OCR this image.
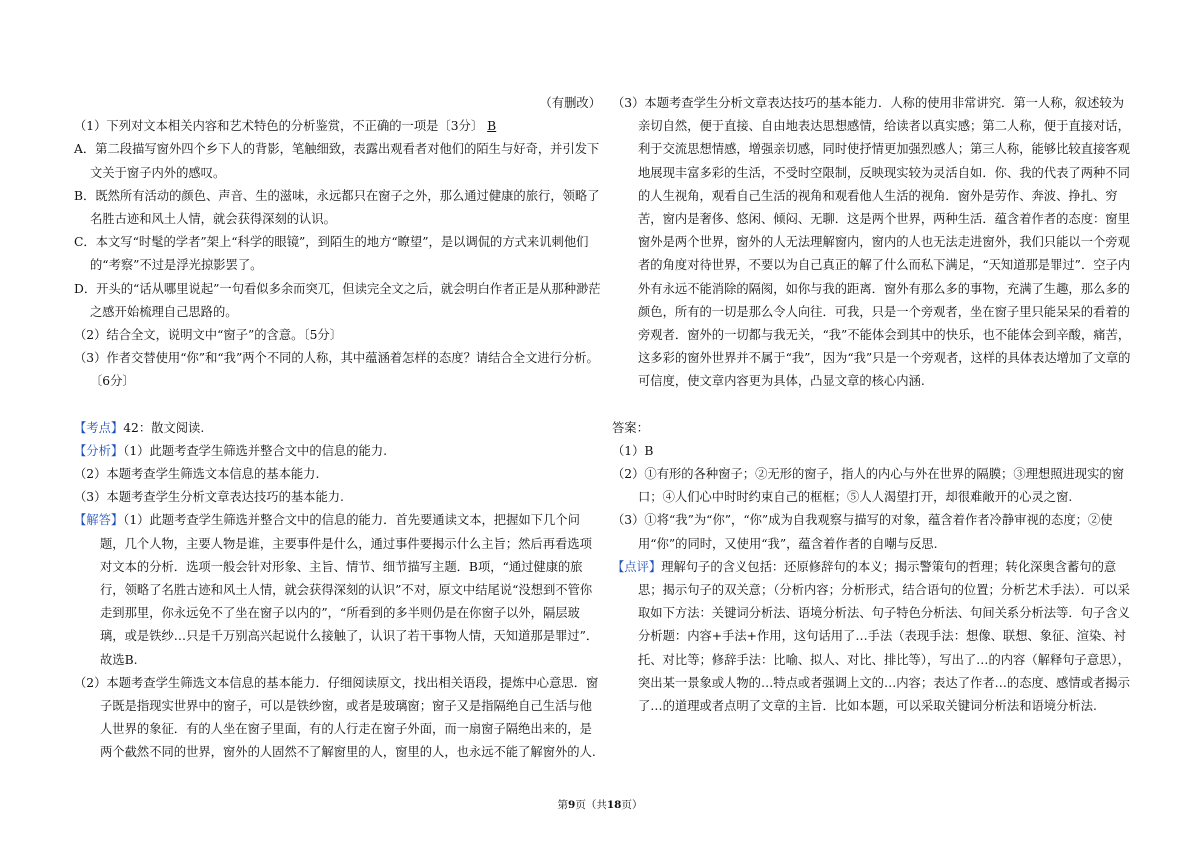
（有删改）

（1）下列对文本相关内容和艺术特色的分析鉴赏，不正确的一项是〔3分〕 B

A．第二段描写窗外四个乡下人的背影，笔触细致，表露出观看者对他们的陌生与好奇，并引发下文关于窗子内外的感叹。

B．既然所有活动的颜色、声音、生的滋味，永远都只在窗子之外，那么通过健康的旅行，领略了名胜古迹和风土人情，就会获得深刻的认识。

C．本文写“时髦的学者”架上“科学的眼镜”，到陌生的地方“瞭望”，是以调侃的方式来讥刺他们的“考察”不过是浮光掠影罢了。

D．开头的“话从哪里说起”一句看似多余而突兀，但读完全文之后，就会明白作者正是从那种渺茫之感开始梳理自己思路的。

（2）结合全文，说明文中“窗子”的含意。〔5分〕

（3）作者交替使用“你”和“我”两个不同的人称，其中蕴涵着怎样的态度？请结合全文进行分析。〔6分〕

【考点】42：散文阅读.

【分析】（1）此题考查学生筛选并整合文中的信息的能力.

（2）本题考查学生筛选文本信息的基本能力.

（3）本题考查学生分析文章表达技巧的基本能力.

【解答】（1）此题考查学生筛选并整合文中的信息的能力．首先要通读文本，把握如下几个问题，几个人物，主要人物是谁，主要事件是什么，通过事件要揭示什么主旨；然后再看选项对文本的分析．选项一般会针对形象、主旨、情节、细节描写主题．B项，“通过健康的旅行，领略了名胜古迹和风土人情，就会获得深刻的认识”不对，原文中结尾说“没想到不管你走到那里，你永远免不了坐在窗子以内的”，“所看到的多半则仍是在你窗子以外，隔层玻璃，或是铁纱…只是千万别高兴起说什么接触了，认识了若干事物人情，天知道那是罪过”．故选B.

（2）本题考查学生筛选文本信息的基本能力．仔细阅读原文，找出相关语段，提炼中心意思．窗子既是指现实世界中的窗子，可以是铁纱窗，或者是玻璃窗；窗子又是指隔绝自己生活与他人世界的象征．有的人坐在窗子里面，有的人行走在窗子外面，而一扇窗子隔绝出来的，是两个截然不同的世界，窗外的人固然不了解窗里的人，窗里的人，也永远不能了解窗外的人.

（3）本题考查学生分析文章表达技巧的基本能力．人称的使用非常讲究．第一人称，叙述较为亲切自然，便于直接、自由地表达思想感情，给读者以真实感；第二人称，便于直接对话，利于交流思想情感，增强亲切感，同时使抒情更加强烈感人；第三人称，能够比较直接客观地展现丰富多彩的生活，不受时空限制，反映现实较为灵活自如．你、我的代表了两种不同的人生视角，观看自己生活的视角和观看他人生活的视角．窗外是劳作、奔波、挣扎、穷苦，窗内是奢侈、悠闲、倾闷、无聊．这是两个世界，两种生活．蕴含着作者的态度：窗里窗外是两个世界，窗外的人无法理解窗内，窗内的人也无法走进窗外，我们只能以一个旁观者的角度对待世界，不要以为自己真正的解了什么而私下满足，“天知道那是罪过”．空子内外有永远不能消除的隔阂，如你与我的距离．窗外有那么多的事物，充满了生趣，那么多的颜色，所有的一切是那么令人向往．可我，只是一个旁观者，坐在窗子里只能呆呆的看着的旁观者．窗外的一切都与我无关，“我”不能体会到其中的快乐，也不能体会到辛酸，痛苦，这多彩的窗外世界并不属于“我”，因为“我”只是一个旁观者，这样的具体表达增加了文章的可信度，使文章内容更为具体，凸显文章的核心内涵.

答案：

（1）B

（2）①有形的各种窗子；②无形的窗子，指人的内心与外在世界的隔膜；③理想照进现实的窗口；④人们心中时时约束自己的框框；⑤人人渴望打开，却很难敞开的心灵之窗.

（3）①将“我”为“你”，“你”成为自我观察与描写的对象，蕴含着作者冷静审视的态度；②使用“你”的同时，又使用“我”，蕴含着作者的自嘲与反思.

【点评】理解句子的含义包括：还原修辞句的本义；揭示警策句的哲理；转化深奥含蓄句的意思；揭示句子的双关意；（分析内容；分析形式，结合语句的位置；分析艺术手法）．可以采取如下方法：关键词分析法、语境分析法、句子特色分析法、句间关系分析法等．句子含义分析题：内容+手法+作用，这句话用了…手法（表现手法：想像、联想、象征、渲染、衬托、对比等；修辞手法：比喻、拟人、对比、排比等），写出了…的内容（解释句子意思），突出某一景象或人物的…特点或者强调上文的…内容；表达了作者…的态度、感情或者揭示了…的道理或者点明了文章的主旨．比如本题，可以采取关键词分析法和语境分析法.

第9页（共18页）
